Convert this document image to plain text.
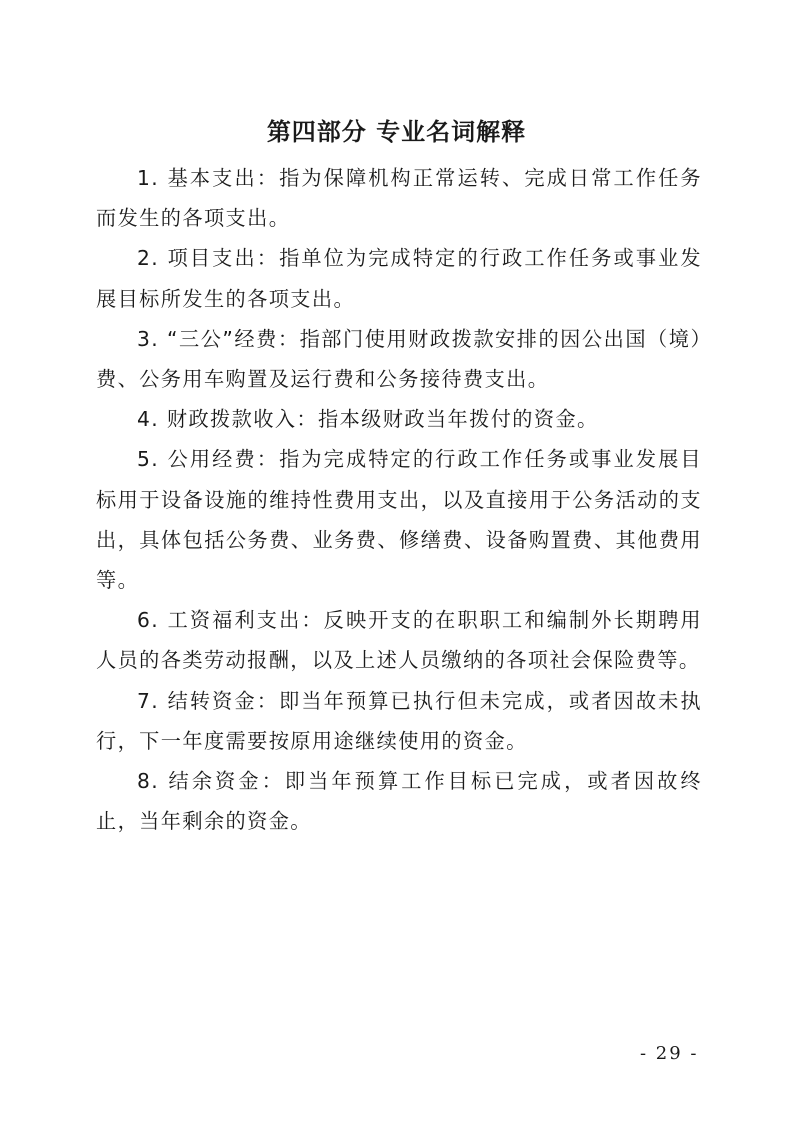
第四部分 专业名词解释

1. 基本支出：指为保障机构正常运转、完成日常工作任务而发生的各项支出。

2. 项目支出：指单位为完成特定的行政工作任务或事业发展目标所发生的各项支出。

3. “三公”经费：指部门使用财政拨款安排的因公出国（境）费、公务用车购置及运行费和公务接待费支出。

4. 财政拨款收入：指本级财政当年拨付的资金。

5. 公用经费：指为完成特定的行政工作任务或事业发展目标用于设备设施的维持性费用支出，以及直接用于公务活动的支出，具体包括公务费、业务费、修缮费、设备购置费、其他费用等。

6. 工资福利支出：反映开支的在职职工和编制外长期聘用人员的各类劳动报酬，以及上述人员缴纳的各项社会保险费等。

7. 结转资金：即当年预算已执行但未完成，或者因故未执行，下一年度需要按原用途继续使用的资金。

8. 结余资金：即当年预算工作目标已完成，或者因故终止，当年剩余的资金。

- 29 -
